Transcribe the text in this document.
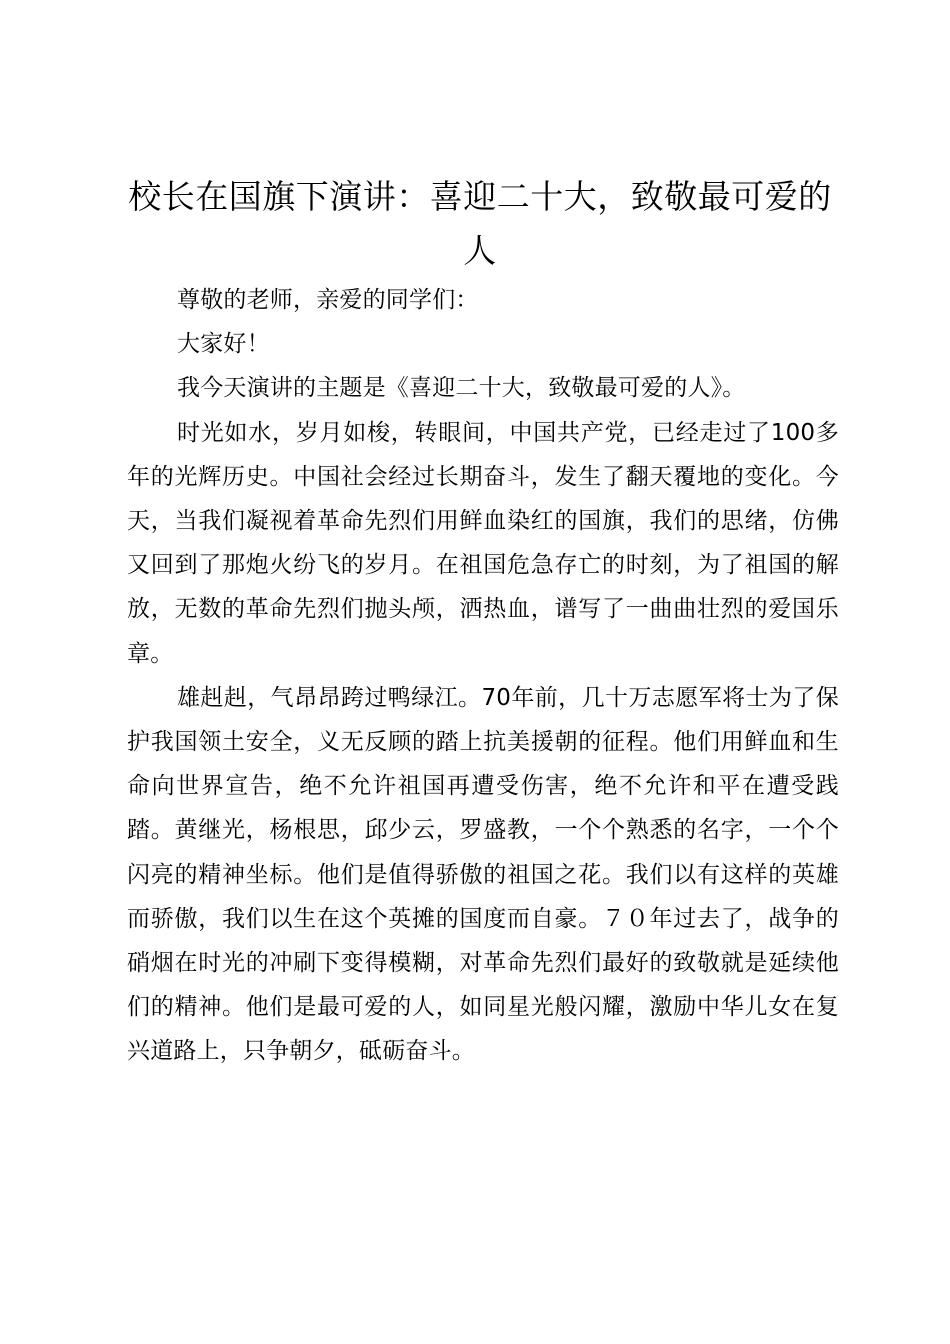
校长在国旗下演讲：喜迎二十大，致敬最可爱的人

尊敬的老师，亲爱的同学们：

大家好！

我今天演讲的主题是《喜迎二十大，致敬最可爱的人》。

时光如水，岁月如梭，转眼间，中国共产党，已经走过了100多年的光辉历史。中国社会经过长期奋斗，发生了翻天覆地的变化。今天，当我们凝视着革命先烈们用鲜血染红的国旗，我们的思绪，仿佛又回到了那炮火纷飞的岁月。在祖国危急存亡的时刻，为了祖国的解放，无数的革命先烈们抛头颅，洒热血，谱写了一曲曲壮烈的爱国乐章。

雄赳赳，气昂昂跨过鸭绿江。70年前，几十万志愿军将士为了保护我国领土安全，义无反顾的踏上抗美援朝的征程。他们用鲜血和生命向世界宣告，绝不允许祖国再遭受伤害，绝不允许和平在遭受践踏。黄继光，杨根思，邱少云，罗盛教，一个个熟悉的名字，一个个闪亮的精神坐标。他们是值得骄傲的祖国之花。我们以有这样的英雄而骄傲，我们以生在这个英摊的国度而自豪。７０年过去了，战争的硝烟在时光的冲刷下变得模糊，对革命先烈们最好的致敬就是延续他们的精神。他们是最可爱的人，如同星光般闪耀，激励中华儿女在复兴道路上，只争朝夕，砥砺奋斗。
